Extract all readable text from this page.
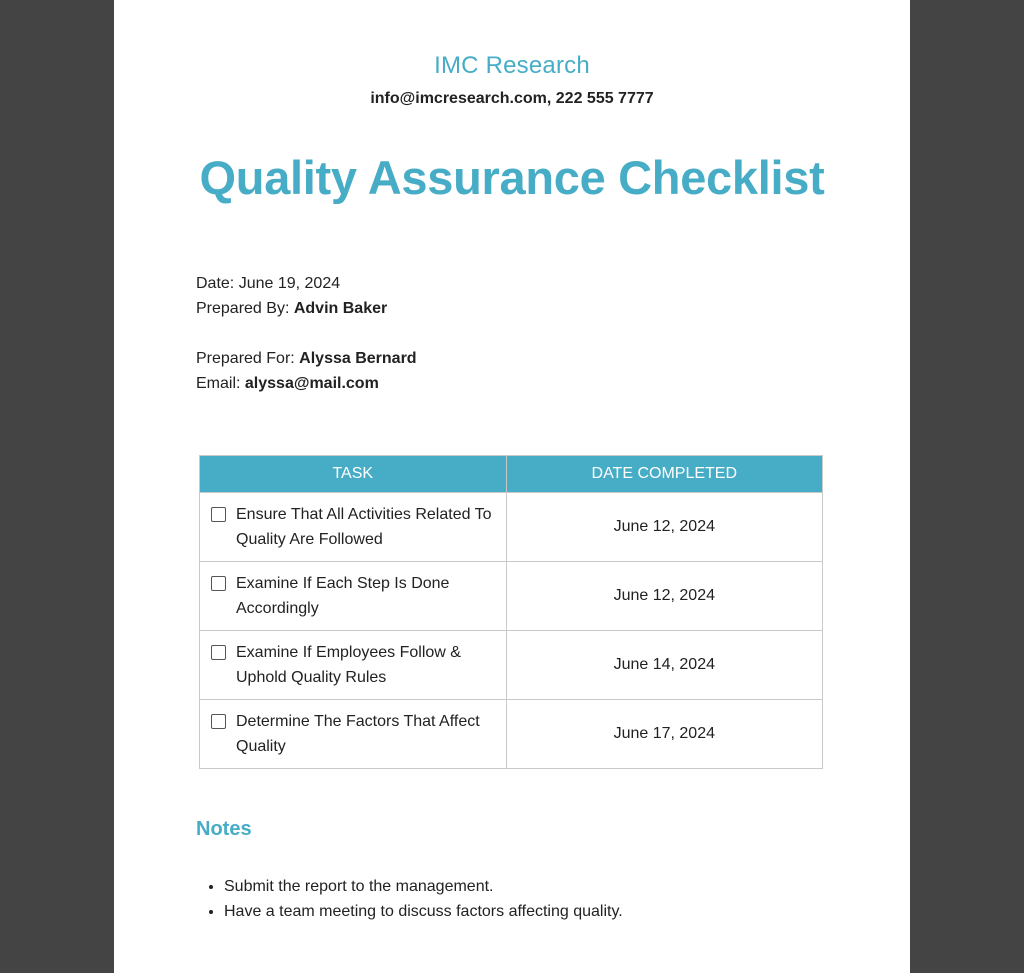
IMC Research
info@imcresearch.com, 222 555 7777
Quality Assurance Checklist
Date: June 19, 2024
Prepared By: Advin Baker
Prepared For: Alyssa Bernard
Email: alyssa@mail.com
TASK	DATE COMPLETED

Ensure That All Activities Related To Quality Are Followed	June 12, 2024

Examine If Each Step Is Done Accordingly	June 12, 2024

Examine If Employees Follow & Uphold Quality Rules	June 14, 2024

Determine The Factors That Affect Quality	June 17, 2024
Notes
• Submit the report to the management.
• Have a team meeting to discuss factors affecting quality.
